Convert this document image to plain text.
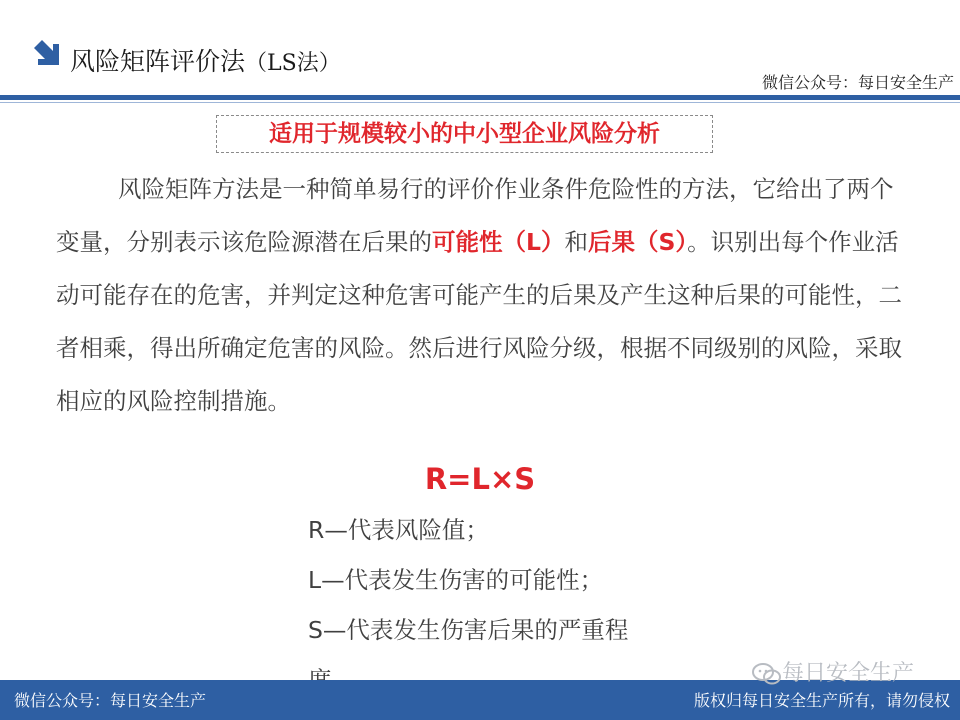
风险矩阵评价法（LS法）
微信公众号：每日安全生产
适用于规模较小的中小型企业风险分析
风险矩阵方法是一种简单易行的评价作业条件危险性的方法，它给出了两个变量，分别表示该危险源潜在后果的可能性（L）和后果（S）。识别出每个作业活动可能存在的危害，并判定这种危害可能产生的后果及产生这种后果的可能性，二者相乘，得出所确定危害的风险。然后进行风险分级，根据不同级别的风险，采取相应的风险控制措施。
R=L×S
R—代表风险值；
L—代表发生伤害的可能性；
S—代表发生伤害后果的严重程
微信公众号：每日安全生产	版权归每日安全生产所有，请勿侵权
每日安全生产
